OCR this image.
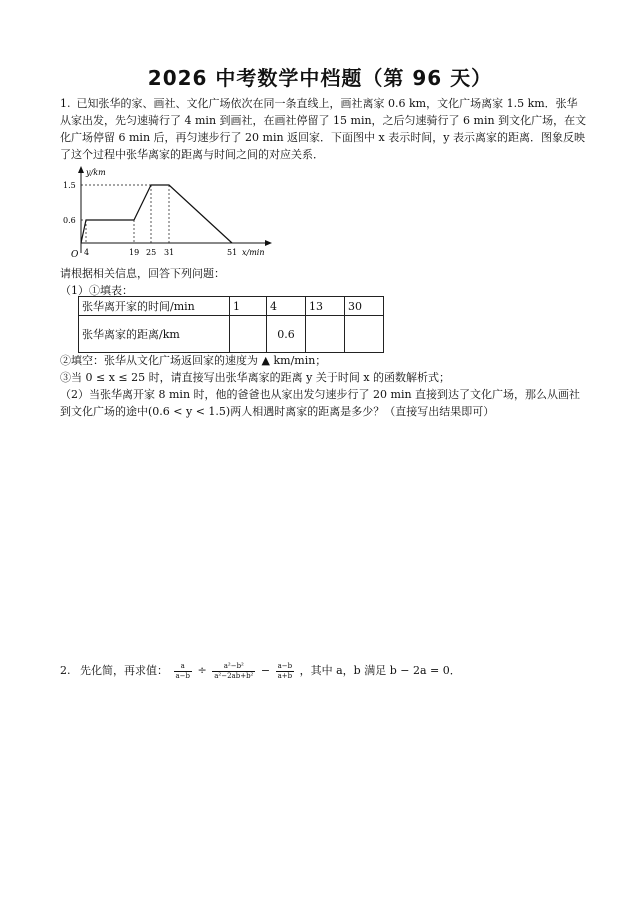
2026 中考数学中档题（第 96 天）
1. 已知张华的家、画社、文化广场依次在同一条直线上，画社离家 0.6 km，文化广场离家 1.5 km．张华
从家出发，先匀速骑行了 4 min 到画社，在画社停留了 15 min，之后匀速骑行了 6 min 到文化广场，在文
化广场停留 6 min 后，再匀速步行了 20 min 返回家．下面图中 x 表示时间，y 表示离家的距离．图象反映
了这个过程中张华离家的距离与时间之间的对应关系．
y/km
x/min
O
1.5
0.6
4	19 25 31	51
请根据相关信息，回答下列问题：
（1）①填表：
张华离开家的时间/min	1	4	13	30
张华离家的距离/km		0.6		
②填空：张华从文化广场返回家的速度为 ▲ km/min；
③当 0 ≤ x ≤ 25 时，请直接写出张华离家的距离 y 关于时间 x 的函数解析式；
（2）当张华离开家 8 min 时，他的爸爸也从家出发匀速步行了 20 min 直接到达了文化广场，那么从画社
到文化广场的途中(0.6 < y < 1.5)两人相遇时离家的距离是多少？（直接写出结果即可）
2. 先化简，再求值： $\frac{a}{a-b} \div \frac{\text{a²−b²}}{\text{a²−2ab+b²}} - \frac{a-b}{a+b}$ ，其中 a，b 满足 b − 2a = 0．
